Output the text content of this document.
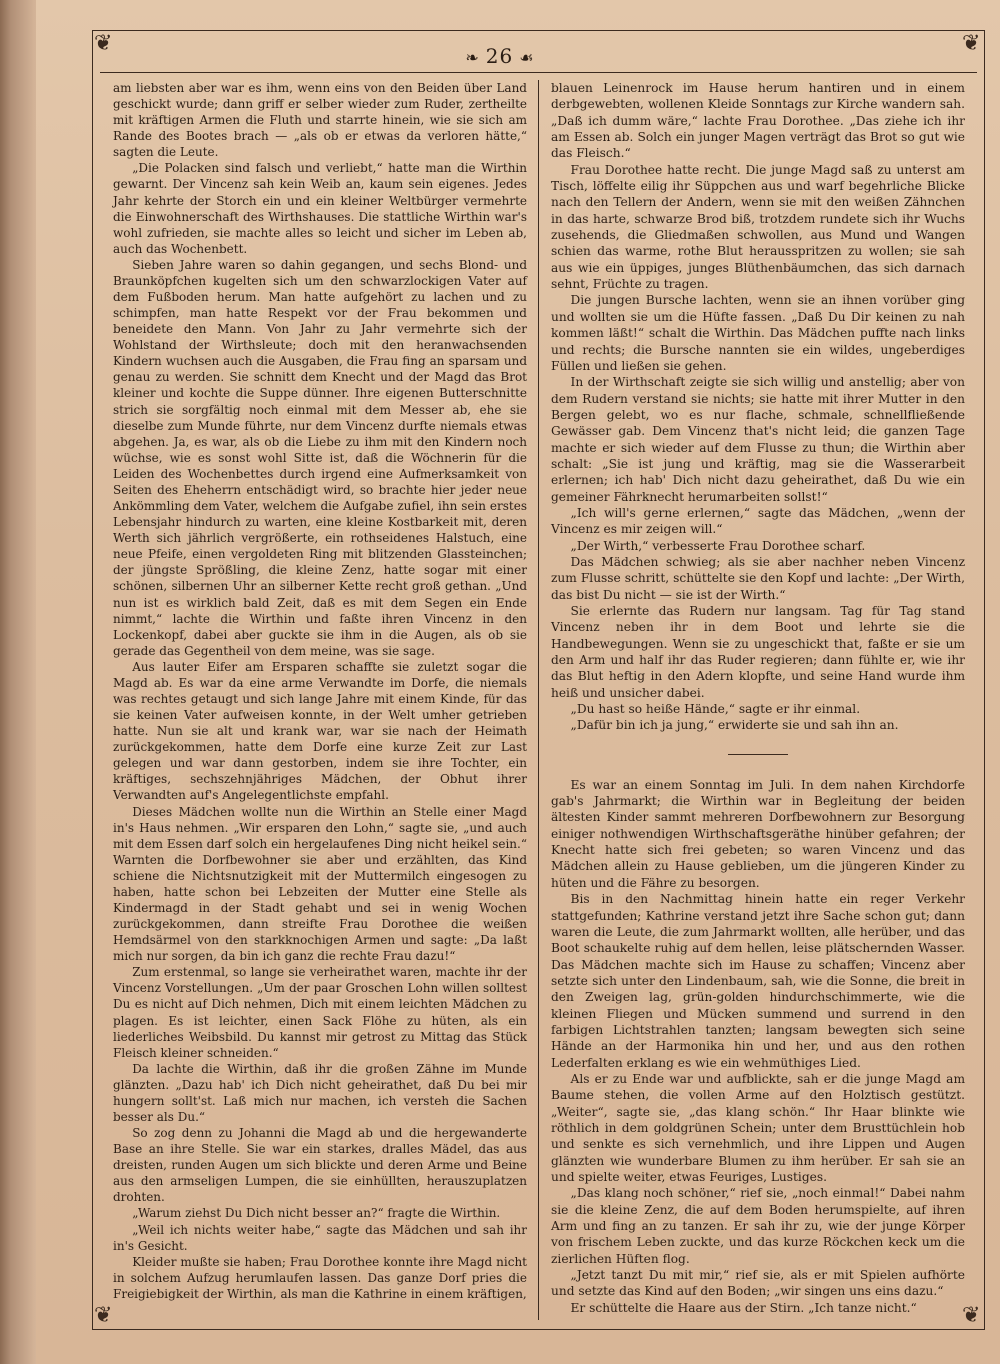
❦	❦
❦	❦
❧ 26 ☙

am liebsten aber war es ihm, wenn eins von den Beiden über Land geschickt wurde; dann griff er selber wieder zum Ruder, zertheilte mit kräftigen Armen die Fluth und starrte hinein, wie sie sich am Rande des Bootes brach — „als ob er etwas da verloren hätte,“ sagten die Leute.

„Die Polacken sind falsch und verliebt,“ hatte man die Wirthin gewarnt. Der Vincenz sah kein Weib an, kaum sein eigenes. Jedes Jahr kehrte der Storch ein und ein kleiner Weltbürger vermehrte die Einwohnerschaft des Wirthshauses. Die stattliche Wirthin war's wohl zufrieden, sie machte alles so leicht und sicher im Leben ab, auch das Wochenbett.

Sieben Jahre waren so dahin gegangen, und sechs Blond- und Braunköpfchen kugelten sich um den schwarzlockigen Vater auf dem Fußboden herum. Man hatte aufgehört zu lachen und zu schimpfen, man hatte Respekt vor der Frau bekommen und beneidete den Mann. Von Jahr zu Jahr vermehrte sich der Wohlstand der Wirthsleute; doch mit den heranwachsenden Kindern wuchsen auch die Ausgaben, die Frau fing an sparsam und genau zu werden. Sie schnitt dem Knecht und der Magd das Brot kleiner und kochte die Suppe dünner. Ihre eigenen Butterschnitte strich sie sorgfältig noch einmal mit dem Messer ab, ehe sie dieselbe zum Munde führte, nur dem Vincenz durfte niemals etwas abgehen. Ja, es war, als ob die Liebe zu ihm mit den Kindern noch wüchse, wie es sonst wohl Sitte ist, daß die Wöchnerin für die Leiden des Wochenbettes durch irgend eine Aufmerksamkeit von Seiten des Eheherrn entschädigt wird, so brachte hier jeder neue Ankömmling dem Vater, welchem die Aufgabe zufiel, ihn sein erstes Lebensjahr hindurch zu warten, eine kleine Kostbarkeit mit, deren Werth sich jährlich vergrößerte, ein rothseidenes Halstuch, eine neue Pfeife, einen vergoldeten Ring mit blitzenden Glassteinchen; der jüngste Sprößling, die kleine Zenz, hatte sogar mit einer schönen, silbernen Uhr an silberner Kette recht groß gethan. „Und nun ist es wirklich bald Zeit, daß es mit dem Segen ein Ende nimmt,“ lachte die Wirthin und faßte ihren Vincenz in den Lockenkopf, dabei aber guckte sie ihm in die Augen, als ob sie gerade das Gegentheil von dem meine, was sie sage.

Aus lauter Eifer am Ersparen schaffte sie zuletzt sogar die Magd ab. Es war da eine arme Verwandte im Dorfe, die niemals was rechtes getaugt und sich lange Jahre mit einem Kinde, für das sie keinen Vater aufweisen konnte, in der Welt umher getrieben hatte. Nun sie alt und krank war, war sie nach der Heimath zurückgekommen, hatte dem Dorfe eine kurze Zeit zur Last gelegen und war dann gestorben, indem sie ihre Tochter, ein kräftiges, sechszehnjähriges Mädchen, der Obhut ihrer Verwandten auf's Angelegentlichste empfahl.

Dieses Mädchen wollte nun die Wirthin an Stelle einer Magd in's Haus nehmen. „Wir ersparen den Lohn,“ sagte sie, „und auch mit dem Essen darf solch ein hergelaufenes Ding nicht heikel sein.“ Warnten die Dorfbewohner sie aber und erzählten, das Kind schiene die Nichtsnutzigkeit mit der Muttermilch eingesogen zu haben, hatte schon bei Lebzeiten der Mutter eine Stelle als Kindermagd in der Stadt gehabt und sei in wenig Wochen zurückgekommen, dann streifte Frau Dorothee die weißen Hemdsärmel von den starkknochigen Armen und sagte: „Da laßt mich nur sorgen, da bin ich ganz die rechte Frau dazu!“

Zum erstenmal, so lange sie verheirathet waren, machte ihr der Vincenz Vorstellungen. „Um der paar Groschen Lohn willen solltest Du es nicht auf Dich nehmen, Dich mit einem leichten Mädchen zu plagen. Es ist leichter, einen Sack Flöhe zu hüten, als ein liederliches Weibsbild. Du kannst mir getrost zu Mittag das Stück Fleisch kleiner schneiden.“

Da lachte die Wirthin, daß ihr die großen Zähne im Munde glänzten. „Dazu hab' ich Dich nicht geheirathet, daß Du bei mir hungern sollt'st. Laß mich nur machen, ich versteh die Sachen besser als Du.“

So zog denn zu Johanni die Magd ab und die hergewanderte Base an ihre Stelle. Sie war ein starkes, dralles Mädel, das aus dreisten, runden Augen um sich blickte und deren Arme und Beine aus den armseligen Lumpen, die sie einhüllten, herauszuplatzen drohten.

„Warum ziehst Du Dich nicht besser an?“ fragte die Wirthin.

„Weil ich nichts weiter habe,“ sagte das Mädchen und sah ihr in's Gesicht.

Kleider mußte sie haben; Frau Dorothee konnte ihre Magd nicht in solchem Aufzug herumlaufen lassen. Das ganze Dorf pries die Freigiebigkeit der Wirthin, als man die Kathrine in einem kräftigen,

blauen Leinenrock im Hause herum hantiren und in einem derbgewebten, wollenen Kleide Sonntags zur Kirche wandern sah. „Daß ich dumm wäre,“ lachte Frau Dorothee. „Das ziehe ich ihr am Essen ab. Solch ein junger Magen verträgt das Brot so gut wie das Fleisch.“

Frau Dorothee hatte recht. Die junge Magd saß zu unterst am Tisch, löffelte eilig ihr Süppchen aus und warf begehrliche Blicke nach den Tellern der Andern, wenn sie mit den weißen Zähnchen in das harte, schwarze Brod biß, trotzdem rundete sich ihr Wuchs zusehends, die Gliedmaßen schwollen, aus Mund und Wangen schien das warme, rothe Blut herausspritzen zu wollen; sie sah aus wie ein üppiges, junges Blüthenbäumchen, das sich darnach sehnt, Früchte zu tragen.

Die jungen Bursche lachten, wenn sie an ihnen vorüber ging und wollten sie um die Hüfte fassen. „Daß Du Dir keinen zu nah kommen läßt!“ schalt die Wirthin. Das Mädchen puffte nach links und rechts; die Bursche nannten sie ein wildes, ungeberdiges Füllen und ließen sie gehen.

In der Wirthschaft zeigte sie sich willig und anstellig; aber von dem Rudern verstand sie nichts; sie hatte mit ihrer Mutter in den Bergen gelebt, wo es nur flache, schmale, schnellfließende Gewässer gab. Dem Vincenz that's nicht leid; die ganzen Tage machte er sich wieder auf dem Flusse zu thun; die Wirthin aber schalt: „Sie ist jung und kräftig, mag sie die Wasserarbeit erlernen; ich hab' Dich nicht dazu geheirathet, daß Du wie ein gemeiner Fährknecht herumarbeiten sollst!“

„Ich will's gerne erlernen,“ sagte das Mädchen, „wenn der Vincenz es mir zeigen will.“

„Der Wirth,“ verbesserte Frau Dorothee scharf.

Das Mädchen schwieg; als sie aber nachher neben Vincenz zum Flusse schritt, schüttelte sie den Kopf und lachte: „Der Wirth, das bist Du nicht — sie ist der Wirth.“

Sie erlernte das Rudern nur langsam. Tag für Tag stand Vincenz neben ihr in dem Boot und lehrte sie die Handbewegungen. Wenn sie zu ungeschickt that, faßte er sie um den Arm und half ihr das Ruder regieren; dann fühlte er, wie ihr das Blut heftig in den Adern klopfte, und seine Hand wurde ihm heiß und unsicher dabei.

„Du hast so heiße Hände,“ sagte er ihr einmal.

„Dafür bin ich ja jung,“ erwiderte sie und sah ihn an.

Es war an einem Sonntag im Juli. In dem nahen Kirchdorfe gab's Jahrmarkt; die Wirthin war in Begleitung der beiden ältesten Kinder sammt mehreren Dorfbewohnern zur Besorgung einiger nothwendigen Wirthschaftsgeräthe hinüber gefahren; der Knecht hatte sich frei gebeten; so waren Vincenz und das Mädchen allein zu Hause geblieben, um die jüngeren Kinder zu hüten und die Fähre zu besorgen.

Bis in den Nachmittag hinein hatte ein reger Verkehr stattgefunden; Kathrine verstand jetzt ihre Sache schon gut; dann waren die Leute, die zum Jahrmarkt wollten, alle herüber, und das Boot schaukelte ruhig auf dem hellen, leise plätschernden Wasser. Das Mädchen machte sich im Hause zu schaffen; Vincenz aber setzte sich unter den Lindenbaum, sah, wie die Sonne, die breit in den Zweigen lag, grün-golden hindurchschimmerte, wie die kleinen Fliegen und Mücken summend und surrend in den farbigen Lichtstrahlen tanzten; langsam bewegten sich seine Hände an der Harmonika hin und her, und aus den rothen Lederfalten erklang es wie ein wehmüthiges Lied.

Als er zu Ende war und aufblickte, sah er die junge Magd am Baume stehen, die vollen Arme auf den Holztisch gestützt. „Weiter“, sagte sie, „das klang schön.“ Ihr Haar blinkte wie röthlich in dem goldgrünen Schein; unter dem Brusttüchlein hob und senkte es sich vernehmlich, und ihre Lippen und Augen glänzten wie wunderbare Blumen zu ihm herüber. Er sah sie an und spielte weiter, etwas Feuriges, Lustiges.

„Das klang noch schöner,“ rief sie, „noch einmal!“ Dabei nahm sie die kleine Zenz, die auf dem Boden herumspielte, auf ihren Arm und fing an zu tanzen. Er sah ihr zu, wie der junge Körper von frischem Leben zuckte, und das kurze Röckchen keck um die zierlichen Hüften flog.

„Jetzt tanzt Du mit mir,“ rief sie, als er mit Spielen aufhörte und setzte das Kind auf den Boden; „wir singen uns eins dazu.“

Er schüttelte die Haare aus der Stirn. „Ich tanze nicht.“
